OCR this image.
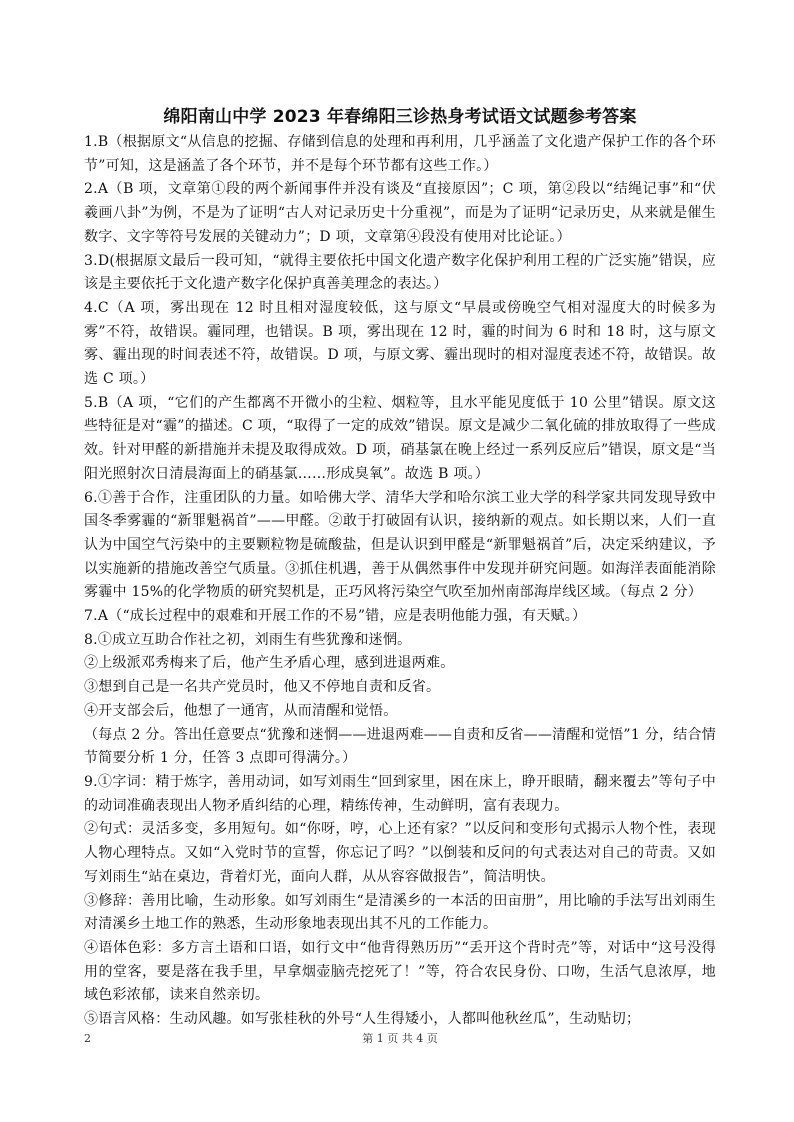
绵阳南山中学 2023 年春绵阳三诊热身考试语文试题参考答案

1.B（根据原文“从信息的挖掘、存储到信息的处理和再利用，几乎涵盖了文化遗产保护工作的各个环节”可知，这是涵盖了各个环节，并不是每个环节都有这些工作。）

2.A（B 项，文章第①段的两个新闻事件并没有谈及“直接原因”；C 项，第②段以“结绳记事”和“伏羲画八卦”为例，不是为了证明“古人对记录历史十分重视”，而是为了证明“记录历史，从来就是催生数字、文字等符号发展的关键动力”；D 项，文章第④段没有使用对比论证。）

3.D(根据原文最后一段可知，“就得主要依托中国文化遗产数字化保护利用工程的广泛实施”错误，应该是主要依托于文化遗产数字化保护真善美理念的表达。）

4.C（A 项，雾出现在 12 时且相对湿度较低，这与原文“早晨或傍晚空气相对湿度大的时候多为雾”不符，故错误。霾同理，也错误。B 项，雾出现在 12 时，霾的时间为 6 时和 18 时，这与原文雾、霾出现的时间表述不符，故错误。D 项，与原文雾、霾出现时的相对湿度表述不符，故错误。故选 C 项。）

5.B（A 项，“它们的产生都离不开微小的尘粒、烟粒等，且水平能见度低于 10 公里”错误。原文这些特征是对“霾”的描述。C 项，“取得了一定的成效”错误。原文是减少二氧化硫的排放取得了一些成效。针对甲醛的新措施并未提及取得成效。D 项，硝基氯在晚上经过一系列反应后”错误，原文是“当阳光照射次日清晨海面上的硝基氯……形成臭氧”。故选 B 项。）

6.①善于合作，注重团队的力量。如哈佛大学、清华大学和哈尔滨工业大学的科学家共同发现导致中国冬季雾霾的“新罪魁祸首”——甲醛。②敢于打破固有认识，接纳新的观点。如长期以来，人们一直认为中国空气污染中的主要颗粒物是硫酸盐，但是认识到甲醛是“新罪魁祸首”后，决定采纳建议，予以实施新的措施改善空气质量。③抓住机遇，善于从偶然事件中发现并研究问题。如海洋表面能消除雾霾中 15%的化学物质的研究契机是，正巧风将污染空气吹至加州南部海岸线区域。（每点 2 分）

7.A（“成长过程中的艰难和开展工作的不易”错，应是表明他能力强，有天赋。）

8.①成立互助合作社之初，刘雨生有些犹豫和迷惘。

②上级派邓秀梅来了后，他产生矛盾心理，感到进退两难。

③想到自己是一名共产党员时，他又不停地自责和反省。

④开支部会后，他想了一通宵，从而清醒和觉悟。

（每点 2 分。答出任意要点“犹豫和迷惘——进退两难——自责和反省——清醒和觉悟”1 分，结合情节简要分析 1 分，任答 3 点即可得满分。）

9.①字词：精于炼字，善用动词，如写刘雨生“回到家里，困在床上，睁开眼睛，翻来覆去”等句子中的动词准确表现出人物矛盾纠结的心理，精练传神，生动鲜明，富有表现力。

②句式：灵活多变，多用短句。如“你呀，哼，心上还有家？”以反问和变形句式揭示人物个性，表现人物心理特点。又如“入党时节的宣誓，你忘记了吗？”以倒装和反问的句式表达对自己的苛责。又如写刘雨生“站在桌边，背着灯光，面向人群，从从容容做报告”，简洁明快。

③修辞：善用比喻，生动形象。如写刘雨生“是清溪乡的一本活的田亩册”，用比喻的手法写出刘雨生对清溪乡土地工作的熟悉，生动形象地表现出其不凡的工作能力。

④语体色彩：多方言土语和口语，如行文中“他背得熟历历”“丢开这个背时壳”等，对话中“这号没得用的堂客，要是落在我手里，早拿烟壶脑壳挖死了！”等，符合农民身份、口吻，生活气息浓厚，地域色彩浓郁，读来自然亲切。

⑤语言风格：生动风趣。如写张桂秋的外号“人生得矮小，人都叫他秋丝瓜”，生动贴切；

2	第 1 页 共 4 页
